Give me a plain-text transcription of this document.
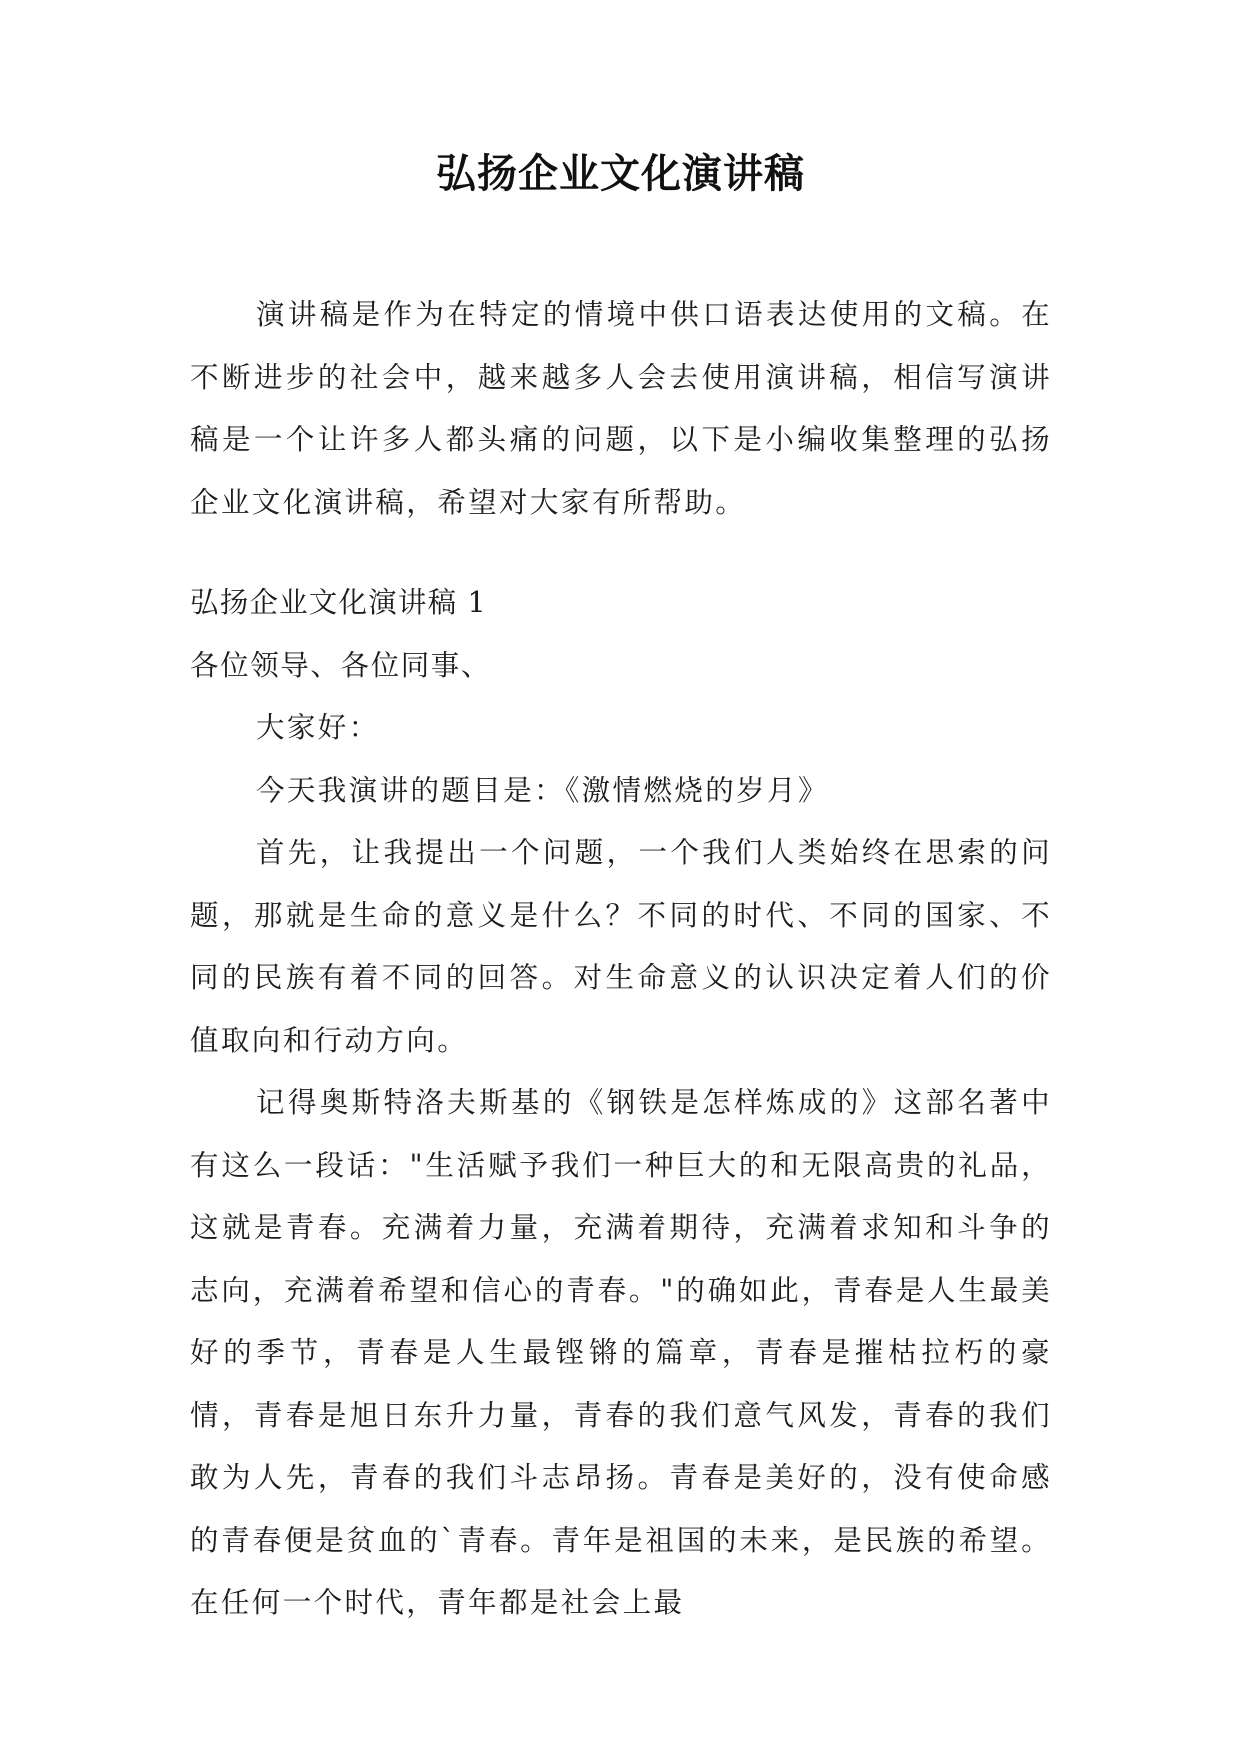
弘扬企业文化演讲稿

演讲稿是作为在特定的情境中供口语表达使用的文稿。在不断进步的社会中，越来越多人会去使用演讲稿，相信写演讲稿是一个让许多人都头痛的问题，以下是小编收集整理的弘扬企业文化演讲稿，希望对大家有所帮助。

弘扬企业文化演讲稿 1

各位领导、各位同事、

大家好：

今天我演讲的题目是：《激情燃烧的岁月》

首先，让我提出一个问题，一个我们人类始终在思索的问题，那就是生命的意义是什么？不同的时代、不同的国家、不同的民族有着不同的回答。对生命意义的认识决定着人们的价值取向和行动方向。

记得奥斯特洛夫斯基的《钢铁是怎样炼成的》这部名著中有这么一段话："生活赋予我们一种巨大的和无限高贵的礼品，这就是青春。充满着力量，充满着期待，充满着求知和斗争的志向，充满着希望和信心的青春。"的确如此，青春是人生最美好的季节，青春是人生最铿锵的篇章，青春是摧枯拉朽的豪情，青春是旭日东升力量，青春的我们意气风发，青春的我们敢为人先，青春的我们斗志昂扬。青春是美好的，没有使命感的青春便是贫血的`青春。青年是祖国的未来，是民族的希望。在任何一个时代，青年都是社会上最
